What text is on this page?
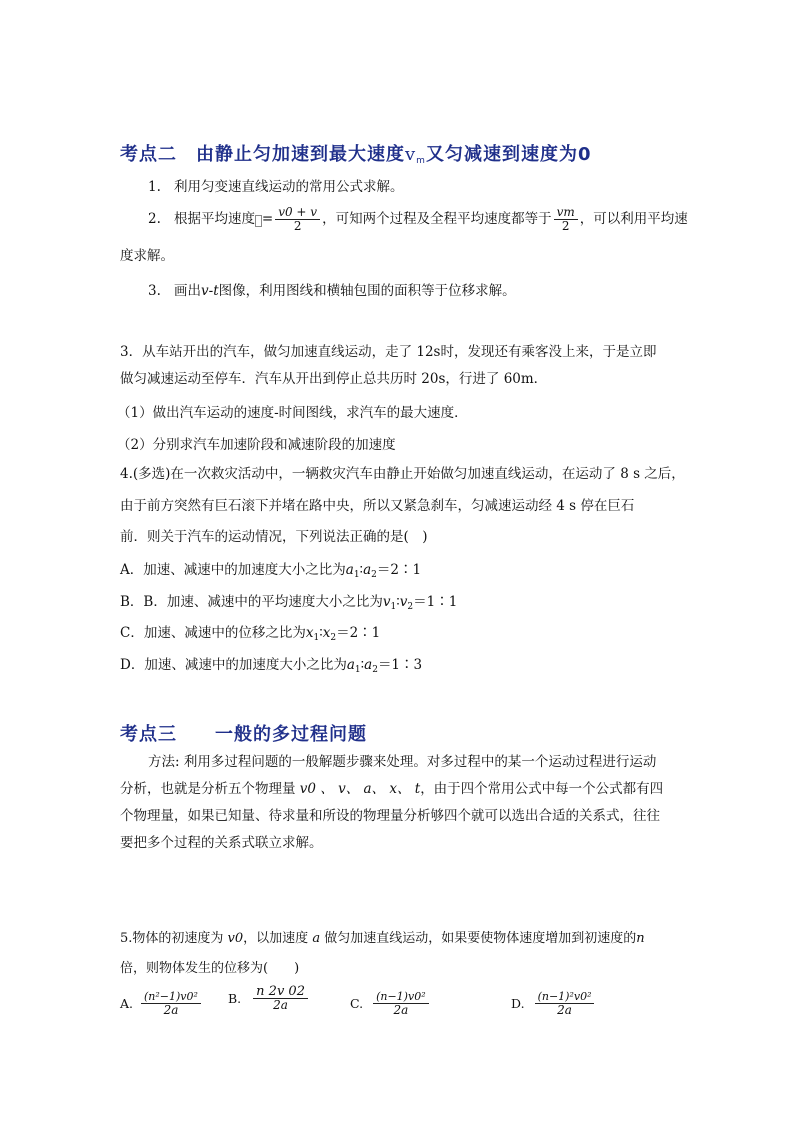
考点二　由静止匀加速到最大速度$v_m$又匀减速到速度为0
1. 利用匀变速直线运动的常用公式求解。
2. 根据平均速度 = $\frac{v0 + v}{2}$ ，可知两个过程及全程平均速度都等于 $\frac{vm}{2}$ ，可以利用平均速
度求解。
3. 画出v-t图像，利用图线和横轴包围的面积等于位移求解。
3．从车站开出的汽车，做匀加速直线运动，走了 12s时，发现还有乘客没上来，于是立即
做匀减速运动至停车．汽车从开出到停止总共历时 20s，行进了 60m．
（1）做出汽车运动的速度-时间图线，求汽车的最大速度．
（2）分别求汽车加速阶段和减速阶段的加速度
4.(多选)在一次救灾活动中，一辆救灾汽车由静止开始做匀加速直线运动，在运动了 8 s 之后，
由于前方突然有巨石滚下并堵在路中央，所以又紧急刹车，匀减速运动经 4 s 停在巨石
前．则关于汽车的运动情况，下列说法正确的是(　)
A．加速、减速中的加速度大小之比为$a_1∶a_2=2∶1$
B．B．加速、减速中的平均速度大小之比为$v_1∶v_2=1∶1$
C．加速、减速中的位移之比为$x_1∶x_2=2∶1$
D．加速、减速中的加速度大小之比为$a_1∶a_2=1∶3$
考点三　　一般的多过程问题
方法: 利用多过程问题的一般解题步骤来处理。对多过程中的某一个运动过程进行运动
分析，也就是分析五个物理量 v0 、 v、 a、 x、 t，由于四个常用公式中每一个公式都有四
个物理量，如果已知量、待求量和所设的物理量分析够四个就可以选出合适的关系式，往往
要把多个过程的关系式联立求解。
5.物体的初速度为 v0，以加速度 a 做匀加速直线运动，如果要使物体速度增加到初速度的n
倍，则物体发生的位移为(　　)
A. $\frac{\text{(n²−1)v0²}}{2a} B$. $\frac{n 2v 02}{2a}$	C. $\frac{\text{(n−1)v0²}}{2a}$	D. $\frac{\text{(n−1)²v0²}}{2a}$
